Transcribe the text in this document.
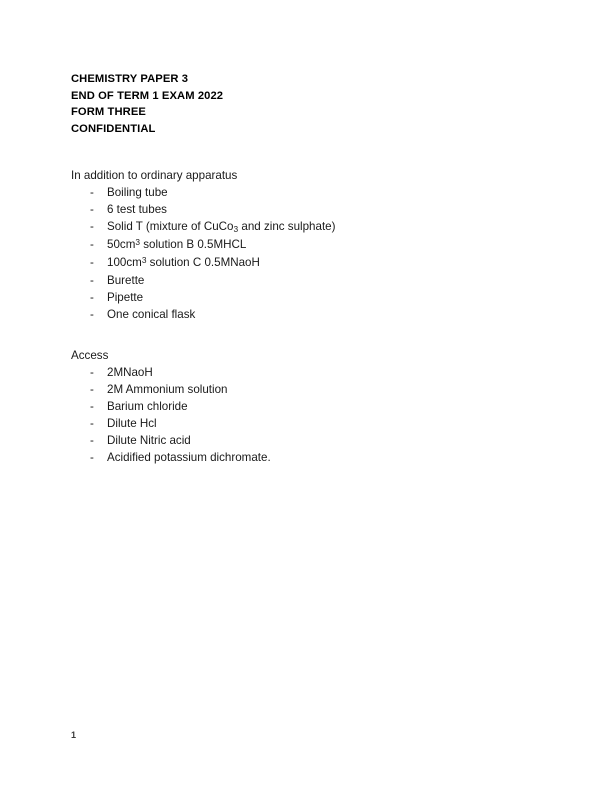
CHEMISTRY PAPER 3
END OF TERM 1 EXAM 2022
FORM THREE
CONFIDENTIAL
In addition to ordinary apparatus
- Boiling tube
- 6 test tubes
- Solid T (mixture of CuCo$_3$ and zinc sulphate)
- $50cm^3$ solution B 0.5MHCL
- $100cm^3$ solution C 0.5MNaoH
- Burette
- Pipette
- One conical flask
Access
- 2MNaoH
- 2M Ammonium solution
- Barium chloride
- Dilute Hcl
- Dilute Nitric acid
- Acidified potassium dichromate.
1
